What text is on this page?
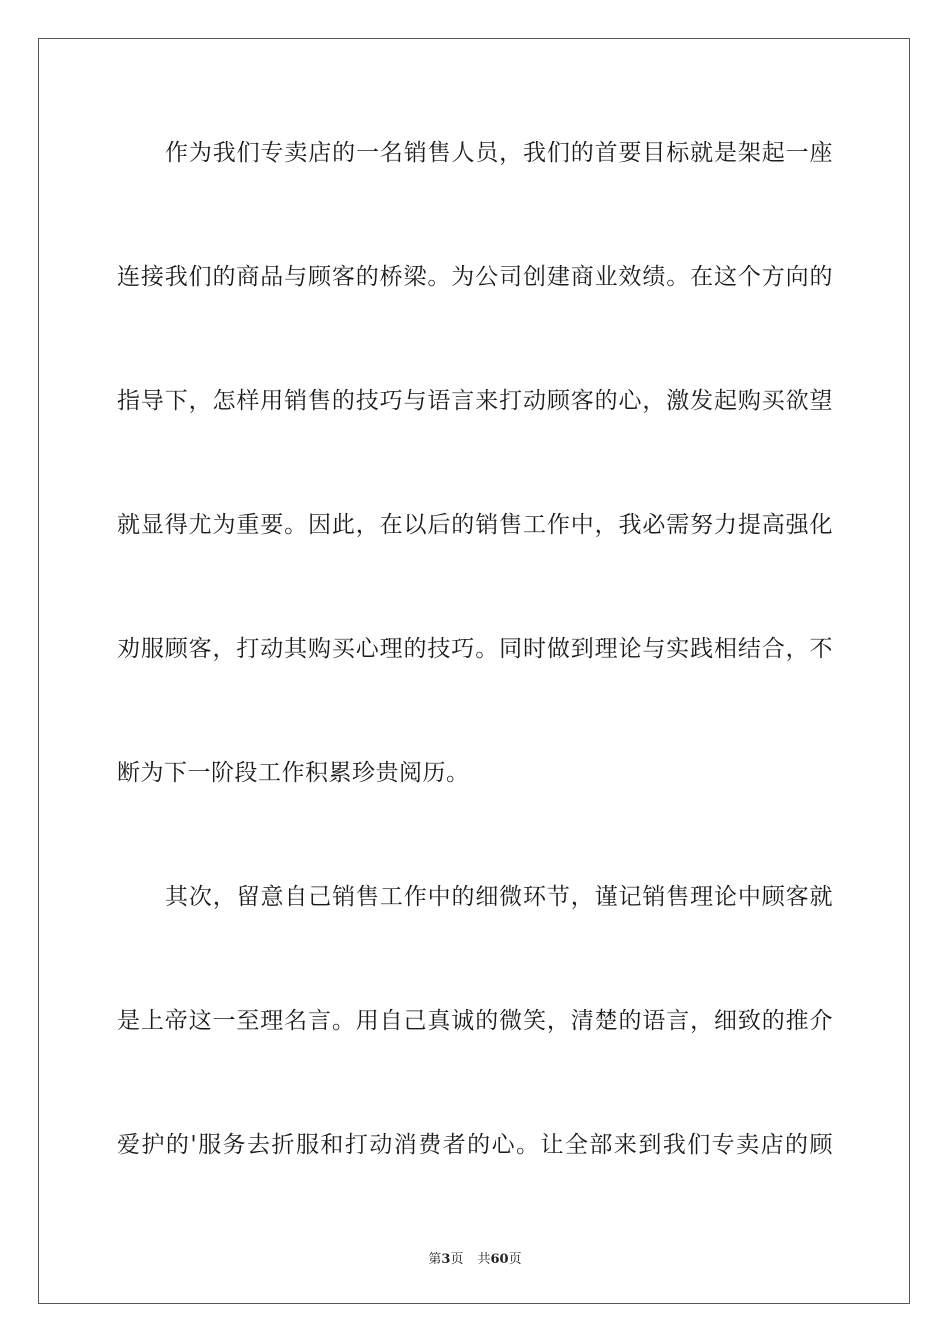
作为我们专卖店的一名销售人员，我们的首要目标就是架起一座
连接我们的商品与顾客的桥梁。为公司创建商业效绩。在这个方向的
指导下，怎样用销售的技巧与语言来打动顾客的心，激发起购买欲望
就显得尤为重要。因此，在以后的销售工作中，我必需努力提高强化
劝服顾客，打动其购买心理的技巧。同时做到理论与实践相结合，不
断为下一阶段工作积累珍贵阅历。
其次，留意自己销售工作中的细微环节，谨记销售理论中顾客就
是上帝这一至理名言。用自己真诚的微笑，清楚的语言，细致的推介
爱护的'服务去折服和打动消费者的心。让全部来到我们专卖店的顾
第3页 共60页
